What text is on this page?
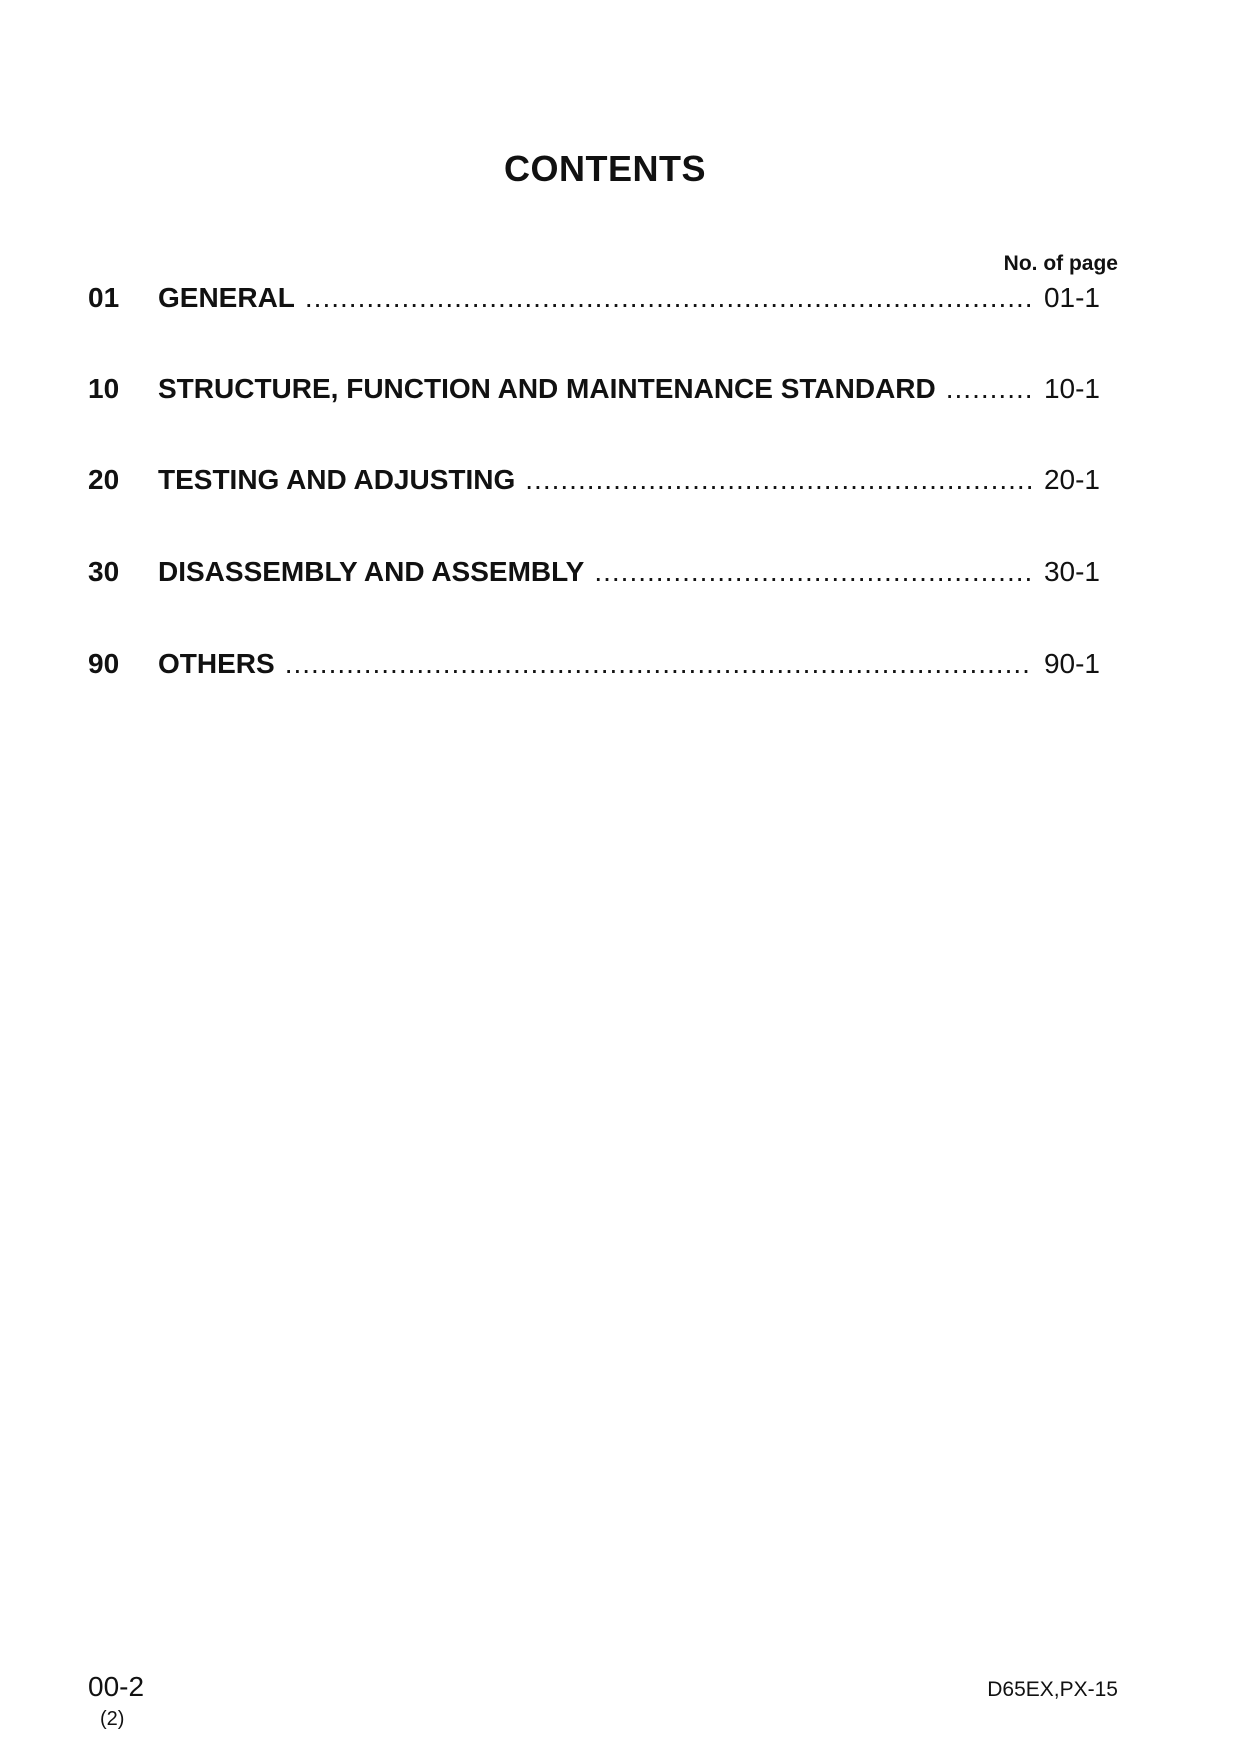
CONTENTS
No. of page
01	GENERAL .....	01-1
10	STRUCTURE, FUNCTION AND MAINTENANCE STANDARD .....	10-1
20	TESTING AND ADJUSTING .....	20-1
30	DISASSEMBLY AND ASSEMBLY .....	30-1
90	OTHERS .....	90-1
00-2
(2)
D65EX,PX-15
